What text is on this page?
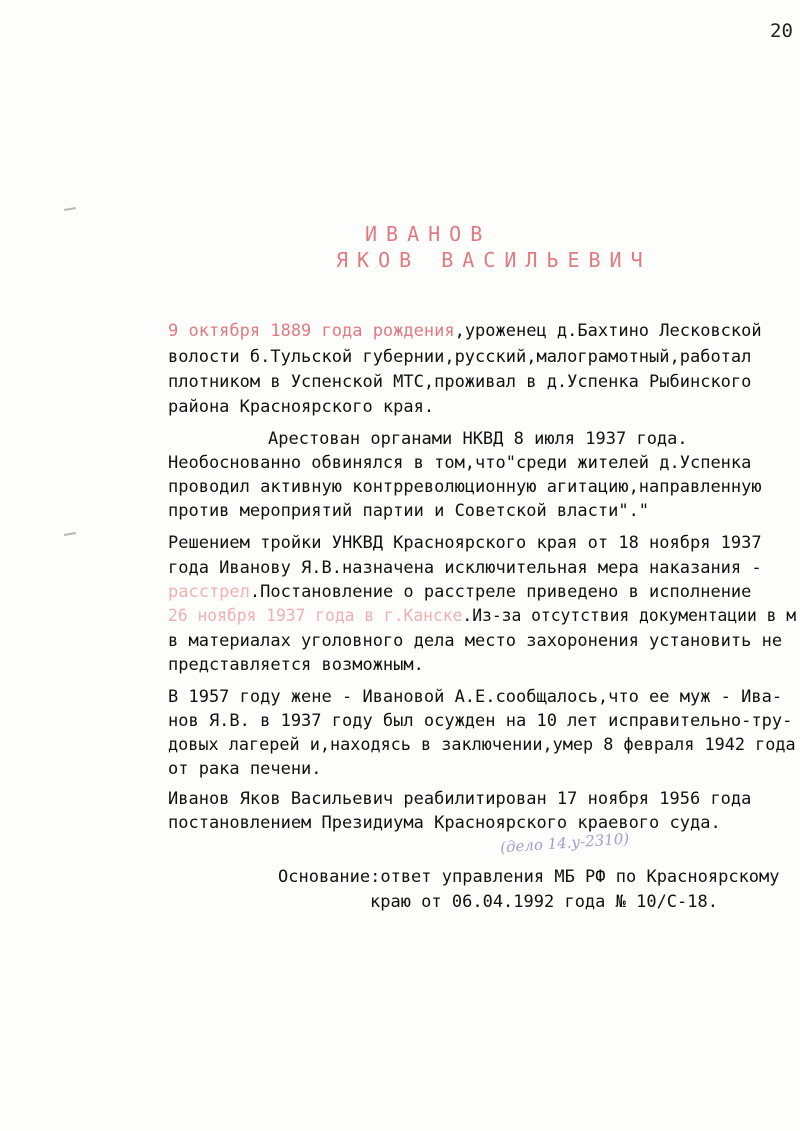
20
ИВАНОВ
ЯКОВ ВАСИЛЬЕВИЧ
9 октября 1889 года рождения,уроженец д.Бахтино Лесковской
волости б.Тульской губернии,русский,малограмотный,работал
плотником в Успенской МТС,проживал в д.Успенка Рыбинского
района Красноярского края.
Арестован органами НКВД 8 июля 1937 года.
Необоснованно обвинялся в том,что"среди жителей д.Успенка
проводил активную контрреволюционную агитацию,направленную
против мероприятий партии и Советской власти"."
Решением тройки УНКВД Красноярского края от 18 ноября 1937
года Иванову Я.В.назначена исключительная мера наказания -
расстрел.Постановление о расстреле приведено в исполнение
26 ноября 1937 года в г.Канске.Из-за отсутствия документации в м
в материалах уголовного дела место захоронения установить не
представляется возможным.
В 1957 году жене - Ивановой А.Е.сообщалось,что ее муж - Ива-
нов Я.В. в 1937 году был осужден на 10 лет исправительно-тру-
довых лагерей и,находясь в заключении,умер 8 февраля 1942 года
от рака печени.
Иванов Яков Васильевич реабилитирован 17 ноября 1956 года
постановлением Президиума Красноярского краевого суда.
(дело 14.у-2310)
Основание:ответ управления МБ РФ по Красноярскому
краю от 06.04.1992 года № 10/С-18.
